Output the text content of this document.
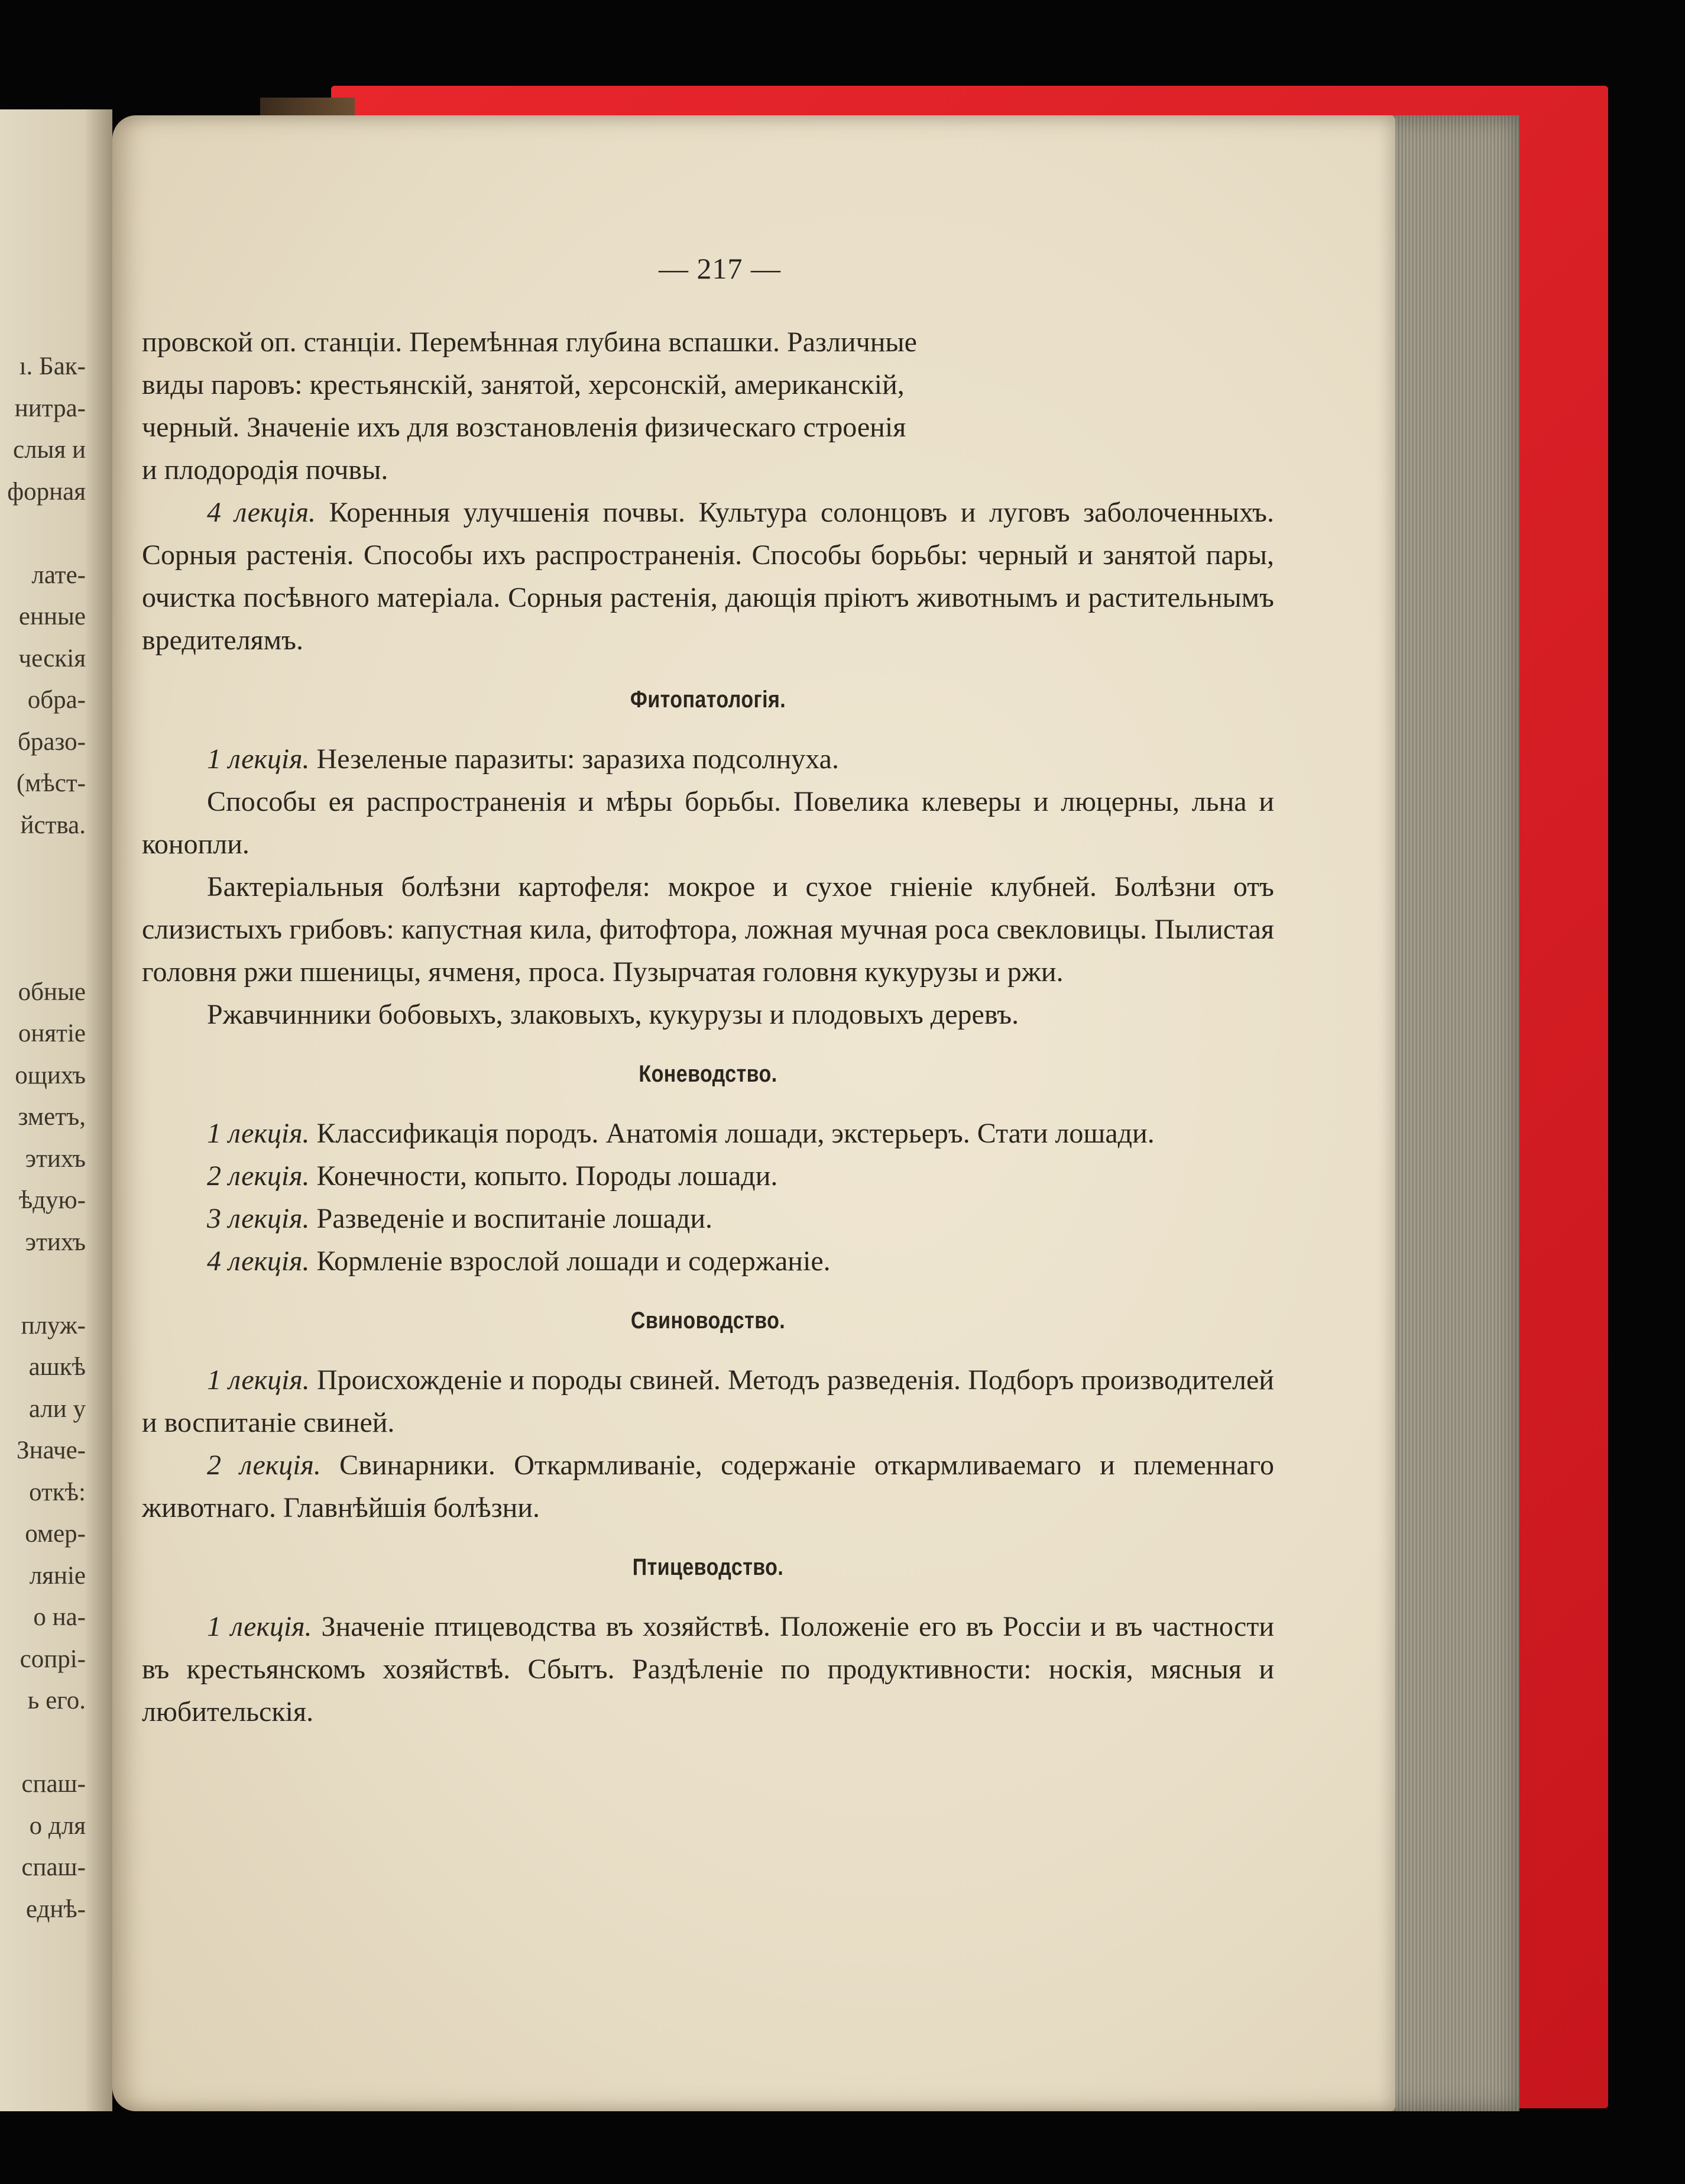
ı. Бак-
нитра-
слыя и
форная
лате-
енные
ческія
обра-
бразо-
(мѣст-
йства.
обные
онятіе
ощихъ
зметъ,
этихъ
ѣдую-
этихъ
плуж-
ашкѣ
али у
Значе-
откѣ:
омер-
ляніе
о на-
сопрі-
ь его.
спаш-
о для
спаш-
еднѣ-
— 217 —

провской оп. станціи. Перемѣнная глубина вспашки. Различные
виды паровъ: крестьянскій, занятой, херсонскій, американскій,
черный. Значеніе ихъ для возстановленія физическаго строенія
и плодородія почвы.

4 лекція. Коренныя улучшенія почвы. Культура солонцовъ и луговъ заболоченныхъ. Сорныя растенія. Способы ихъ распространенія. Способы борьбы: черный и занятой пары, очистка посѣвного матеріала. Сорныя растенія, дающія пріютъ животнымъ и растительнымъ вредителямъ.

Фитопатологія.

1 лекція. Незеленые паразиты: заразиха подсолнуха.

Способы ея распространенія и мѣры борьбы. Повелика клеверы и люцерны, льна и конопли.

Бактеріальныя болѣзни картофеля: мокрое и сухое гніеніе клубней. Болѣзни отъ слизистыхъ грибовъ: капустная кила, фитофтора, ложная мучная роса свекловицы. Пылистая головня ржи пшеницы, ячменя, проса. Пузырчатая головня кукурузы и ржи.

Ржавчинники бобовыхъ, злаковыхъ, кукурузы и плодовыхъ деревъ.

Коневодство.

1 лекція. Классификація породъ. Анатомія лошади, экстерьеръ. Стати лошади.

2 лекція. Конечности, копыто. Породы лошади.

3 лекція. Разведеніе и воспитаніе лошади.

4 лекція. Кормленіе взрослой лошади и содержаніе.

Свиноводство.

1 лекція. Происхожденіе и породы свиней. Методъ разведенія. Подборъ производителей и воспитаніе свиней.

2 лекція. Свинарники. Откармливаніе, содержаніе откармливаемаго и племеннаго животнаго. Главнѣйшія болѣзни.

Птицеводство.

1 лекція. Значеніе птицеводства въ хозяйствѣ. Положеніе его въ Россіи и въ частности въ крестьянскомъ хозяйствѣ. Сбытъ. Раздѣленіе по продуктивности: носкія, мясныя и любительскія.
